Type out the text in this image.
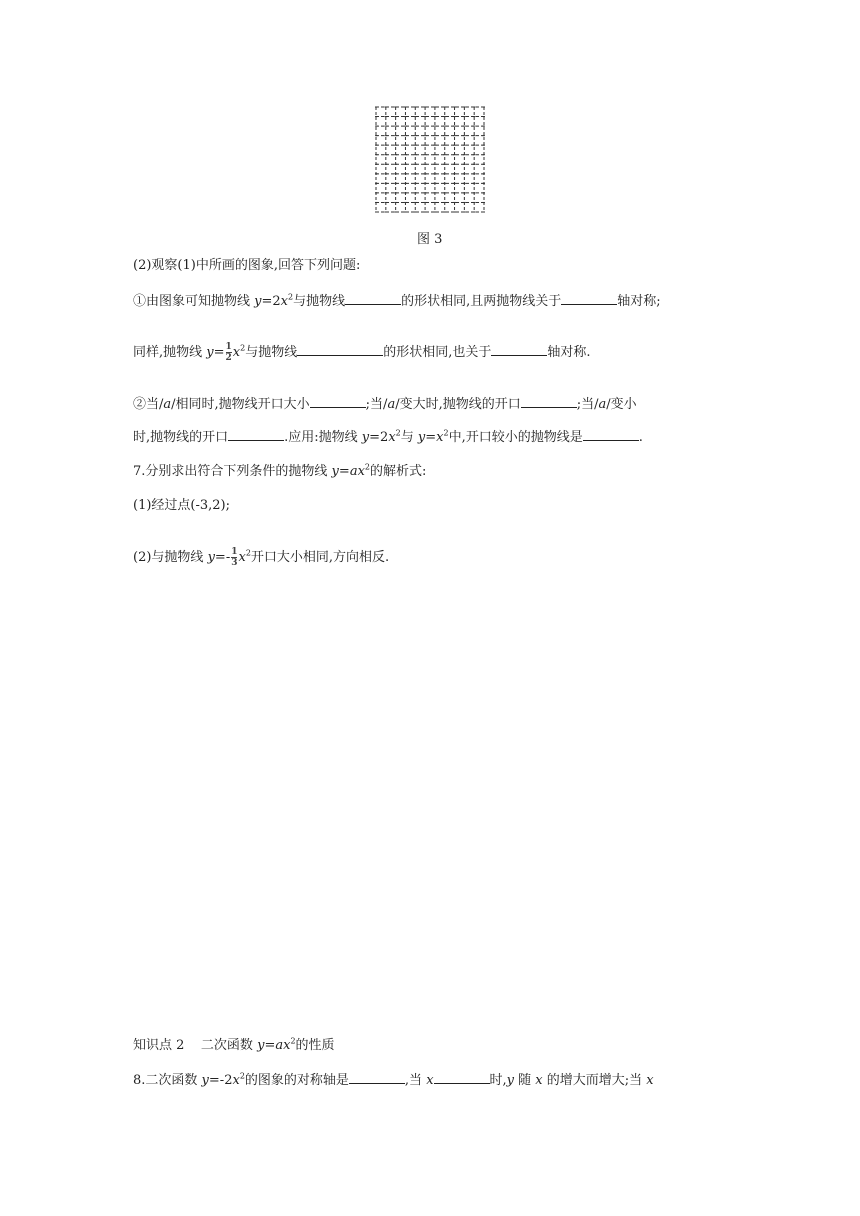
图 3
(2)观察(1)中所画的图象,回答下列问题:
①由图象可知抛物线 $y=2x^2$与抛物线	的形状相同,且两抛物线关于	轴对称;
同样,抛物线 $y= \frac{1}{2} x^2$与抛物线	的形状相同,也关于	轴对称.
②当/a/相同时,抛物线开口大小	;当/a/变大时,抛物线的开口	;当/a/变小
时,抛物线的开口	.应用:抛物线 $y=2x^2$与 $y=x^2$中,开口较小的抛物线是	.
7.分别求出符合下列条件的抛物线 $y=ax^2$的解析式:
(1)经过点(-3,2);
(2)与抛物线 $y=- \frac{1}{3} x^2$开口大小相同,方向相反.
知识点 2    二次函数 $y=ax^2$的性质
8.二次函数 $y=-2x^2$的图象的对称轴是	,当 x	时,y 随 x 的增大而增大;当 x
